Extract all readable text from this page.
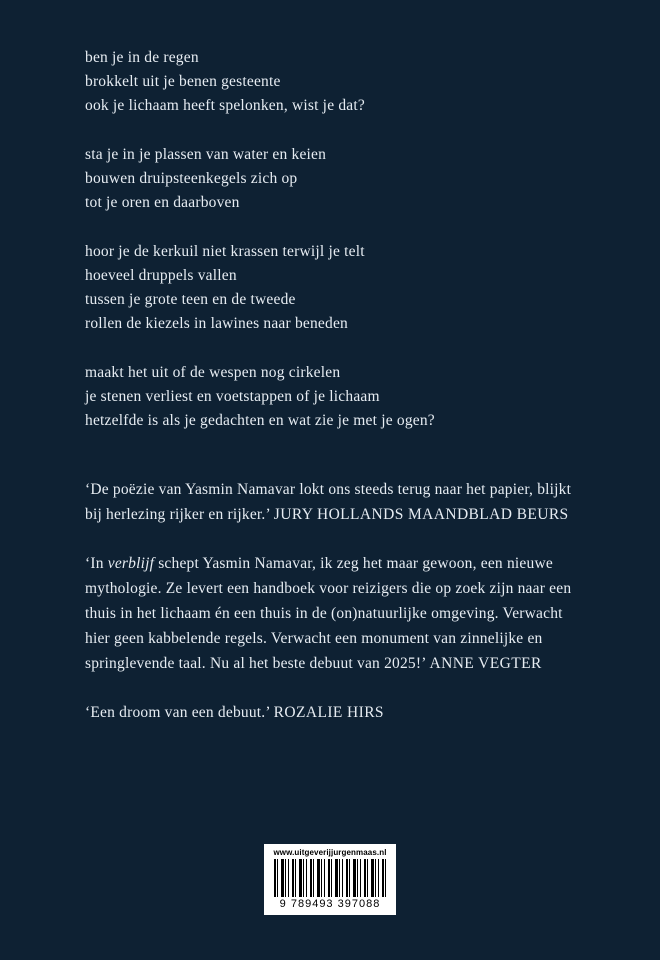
ben je in de regen
brokkelt uit je benen gesteente
ook je lichaam heeft spelonken, wist je dat?
sta je in je plassen van water en keien
bouwen druipsteenkegels zich op
tot je oren en daarboven
hoor je de kerkuil niet krassen terwijl je telt
hoeveel druppels vallen
tussen je grote teen en de tweede
rollen de kiezels in lawines naar beneden
maakt het uit of de wespen nog cirkelen
je stenen verliest en voetstappen of je lichaam
hetzelfde is als je gedachten en wat zie je met je ogen?

‘De poëzie van Yasmin Namavar lokt ons steeds terug naar het papier, blijkt bij herlezing rijker en rijker.’ JURY HOLLANDS MAANDBLAD BEURS

‘In verblijf schept Yasmin Namavar, ik zeg het maar gewoon, een nieuwe mythologie. Ze levert een handboek voor reizigers die op zoek zijn naar een thuis in het lichaam én een thuis in de (on)natuurlijke omgeving. Verwacht hier geen kabbelende regels. Verwacht een monument van zinnelijke en springlevende taal. Nu al het beste debuut van 2025!’ ANNE VEGTER

‘Een droom van een debuut.’ ROZALIE HIRS

www.uitgeverijjurgenmaas.nl
9 789493 397088
